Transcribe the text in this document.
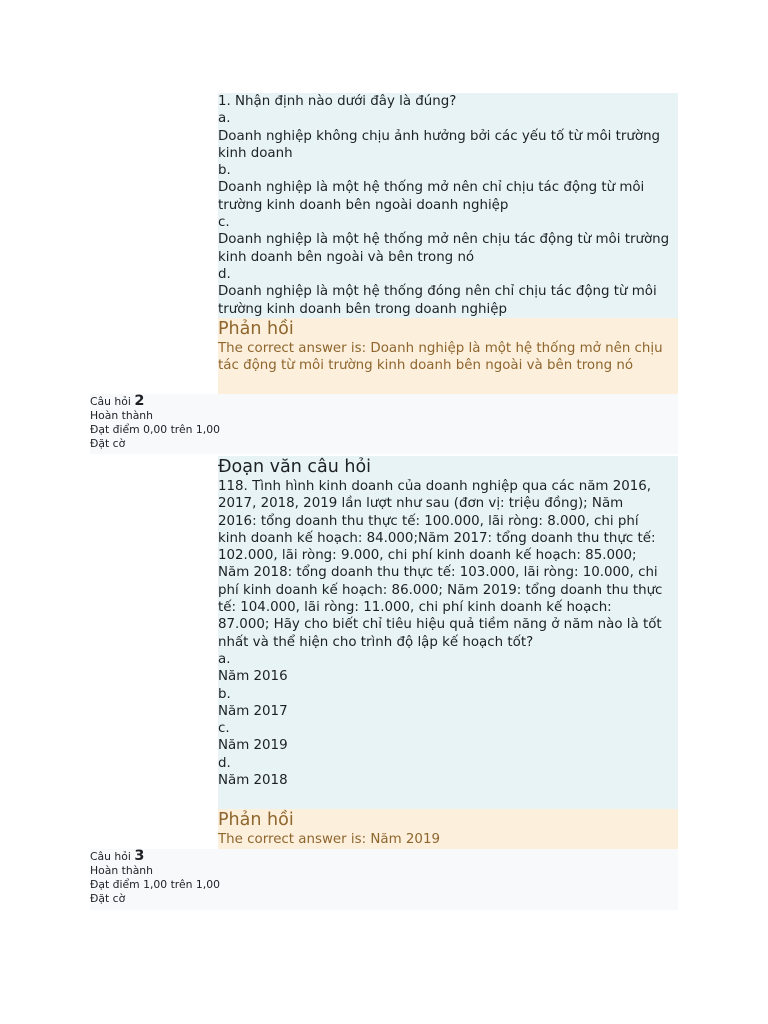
1. Nhận định nào dưới đây là đúng?
a.
Doanh nghiệp không chịu ảnh hưởng bởi các yếu tố từ môi trường kinh doanh
b.
Doanh nghiệp là một hệ thống mở nên chỉ chịu tác động từ môi trường kinh doanh bên ngoài doanh nghiệp
c.
Doanh nghiệp là một hệ thống mở nên chịu tác động từ môi trường kinh doanh bên ngoài và bên trong nó
d.
Doanh nghiệp là một hệ thống đóng nên chỉ chịu tác động từ môi trường kinh doanh bên trong doanh nghiệp
Phản hồi
The correct answer is: Doanh nghiệp là một hệ thống mở nên chịu tác động từ môi trường kinh doanh bên ngoài và bên trong nó
Câu hỏi 2
Hoàn thành
Đạt điểm 0,00 trên 1,00
Đặt cờ
Đoạn văn câu hỏi
118. Tình hình kinh doanh của doanh nghiệp qua các năm 2016, 2017, 2018, 2019 lần lượt như sau (đơn vị: triệu đồng); Năm 2016: tổng doanh thu thực tế: 100.000, lãi ròng: 8.000, chi phí kinh doanh kế hoạch: 84.000;Năm 2017: tổng doanh thu thực tế: 102.000, lãi ròng: 9.000, chi phí kinh doanh kế hoạch: 85.000; Năm 2018: tổng doanh thu thực tế: 103.000, lãi ròng: 10.000, chi phí kinh doanh kế hoạch: 86.000; Năm 2019: tổng doanh thu thực tế: 104.000, lãi ròng: 11.000, chi phí kinh doanh kế hoạch: 87.000; Hãy cho biết chỉ tiêu hiệu quả tiềm năng ở năm nào là tốt nhất và thể hiện cho trình độ lập kế hoạch tốt?
a.
Năm 2016
b.
Năm 2017
c.
Năm 2019
d.
Năm 2018
Phản hồi
The correct answer is: Năm 2019
Câu hỏi 3
Hoàn thành
Đạt điểm 1,00 trên 1,00
Đặt cờ
